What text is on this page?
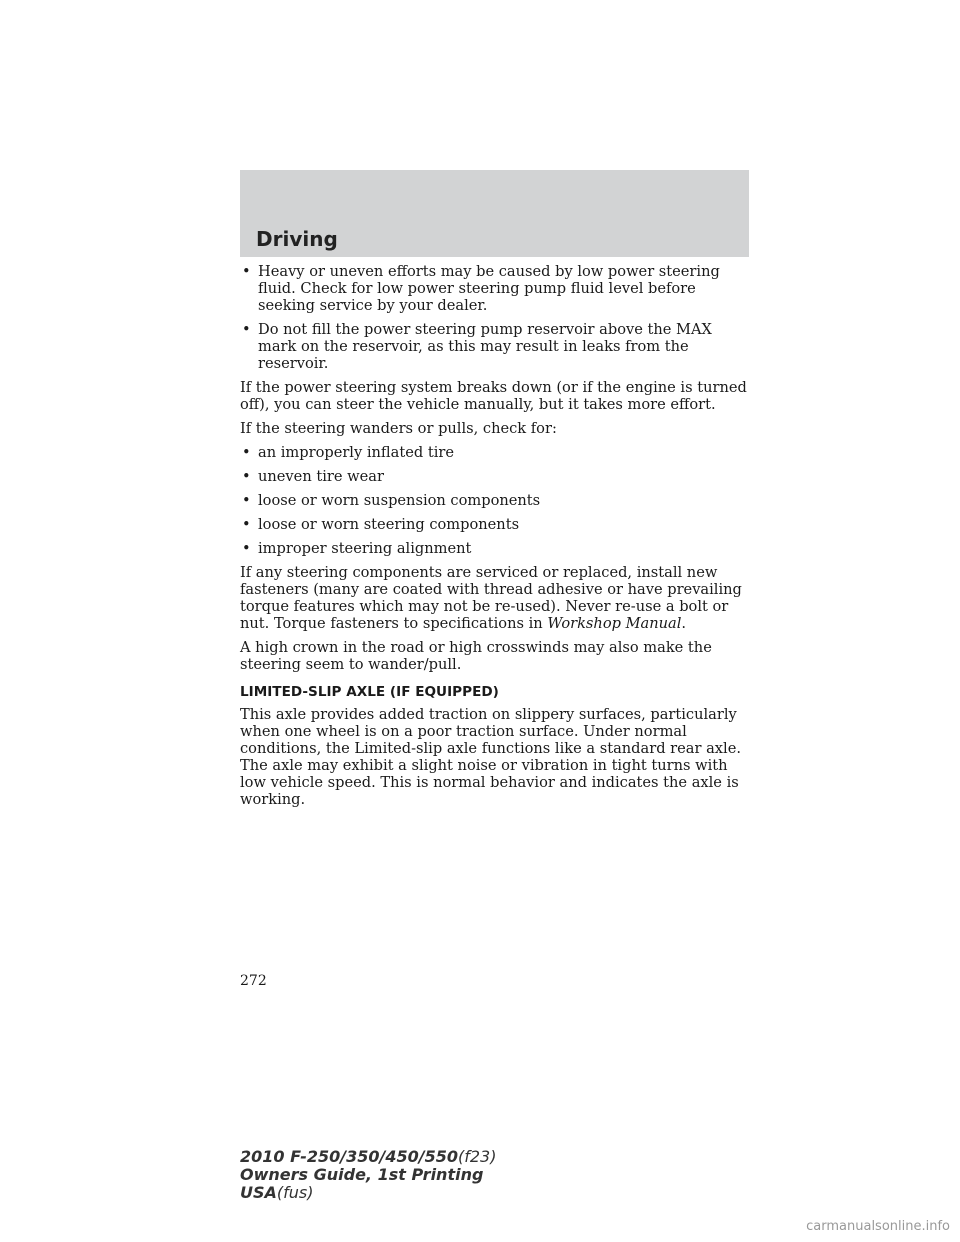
Driving
• Heavy or uneven efforts may be caused by low power steering fluid. Check for low power steering pump fluid level before seeking service by your dealer.
• Do not fill the power steering pump reservoir above the MAX mark on the reservoir, as this may result in leaks from the reservoir.

If the power steering system breaks down (or if the engine is turned off), you can steer the vehicle manually, but it takes more effort.

If the steering wanders or pulls, check for:

• an improperly inflated tire
• uneven tire wear
• loose or worn suspension components
• loose or worn steering components
• improper steering alignment

If any steering components are serviced or replaced, install new fasteners (many are coated with thread adhesive or have prevailing torque features which may not be re-used). Never re-use a bolt or nut. Torque fasteners to specifications in Workshop Manual.

A high crown in the road or high crosswinds may also make the steering seem to wander/pull.

LIMITED-SLIP AXLE (IF EQUIPPED)

This axle provides added traction on slippery surfaces, particularly when one wheel is on a poor traction surface. Under normal conditions, the Limited-slip axle functions like a standard rear axle. The axle may exhibit a slight noise or vibration in tight turns with low vehicle speed. This is normal behavior and indicates the axle is working.

272
2010 F-250/350/450/550(f23)
Owners Guide, 1st Printing
USA(fus)
carmanualsonline.info
